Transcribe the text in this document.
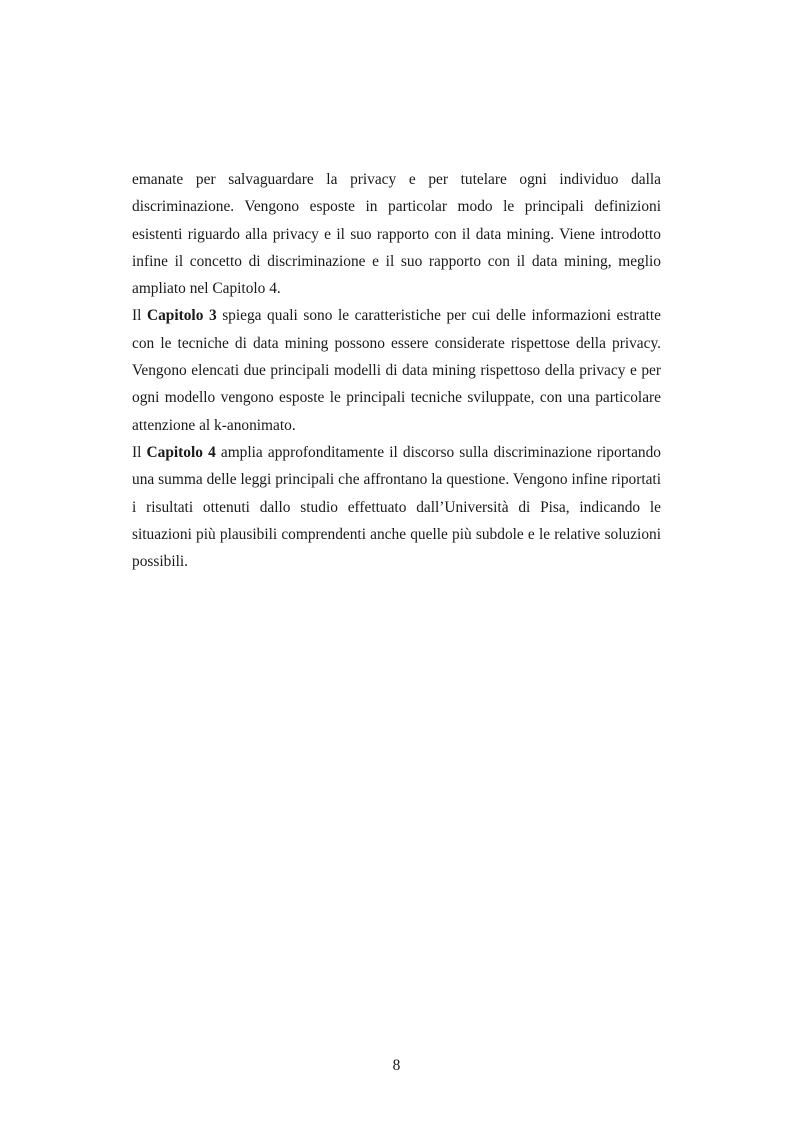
emanate per salvaguardare la privacy e per tutelare ogni individuo dalla discriminazione. Vengono esposte in particolar modo le principali definizioni esistenti riguardo alla privacy e il suo rapporto con il data mining. Viene introdotto infine il concetto di discriminazione e il suo rapporto con il data mining, meglio ampliato nel Capitolo 4.

Il Capitolo 3 spiega quali sono le caratteristiche per cui delle informazioni estratte con le tecniche di data mining possono essere considerate rispettose della privacy. Vengono elencati due principali modelli di data mining rispettoso della privacy e per ogni modello vengono esposte le principali tecniche sviluppate, con una particolare attenzione al k-anonimato.

Il Capitolo 4 amplia approfonditamente il discorso sulla discriminazione riportando una summa delle leggi principali che affrontano la questione. Vengono infine riportati i risultati ottenuti dallo studio effettuato dall’Università di Pisa, indicando le situazioni più plausibili comprendenti anche quelle più subdole e le relative soluzioni possibili.

8
